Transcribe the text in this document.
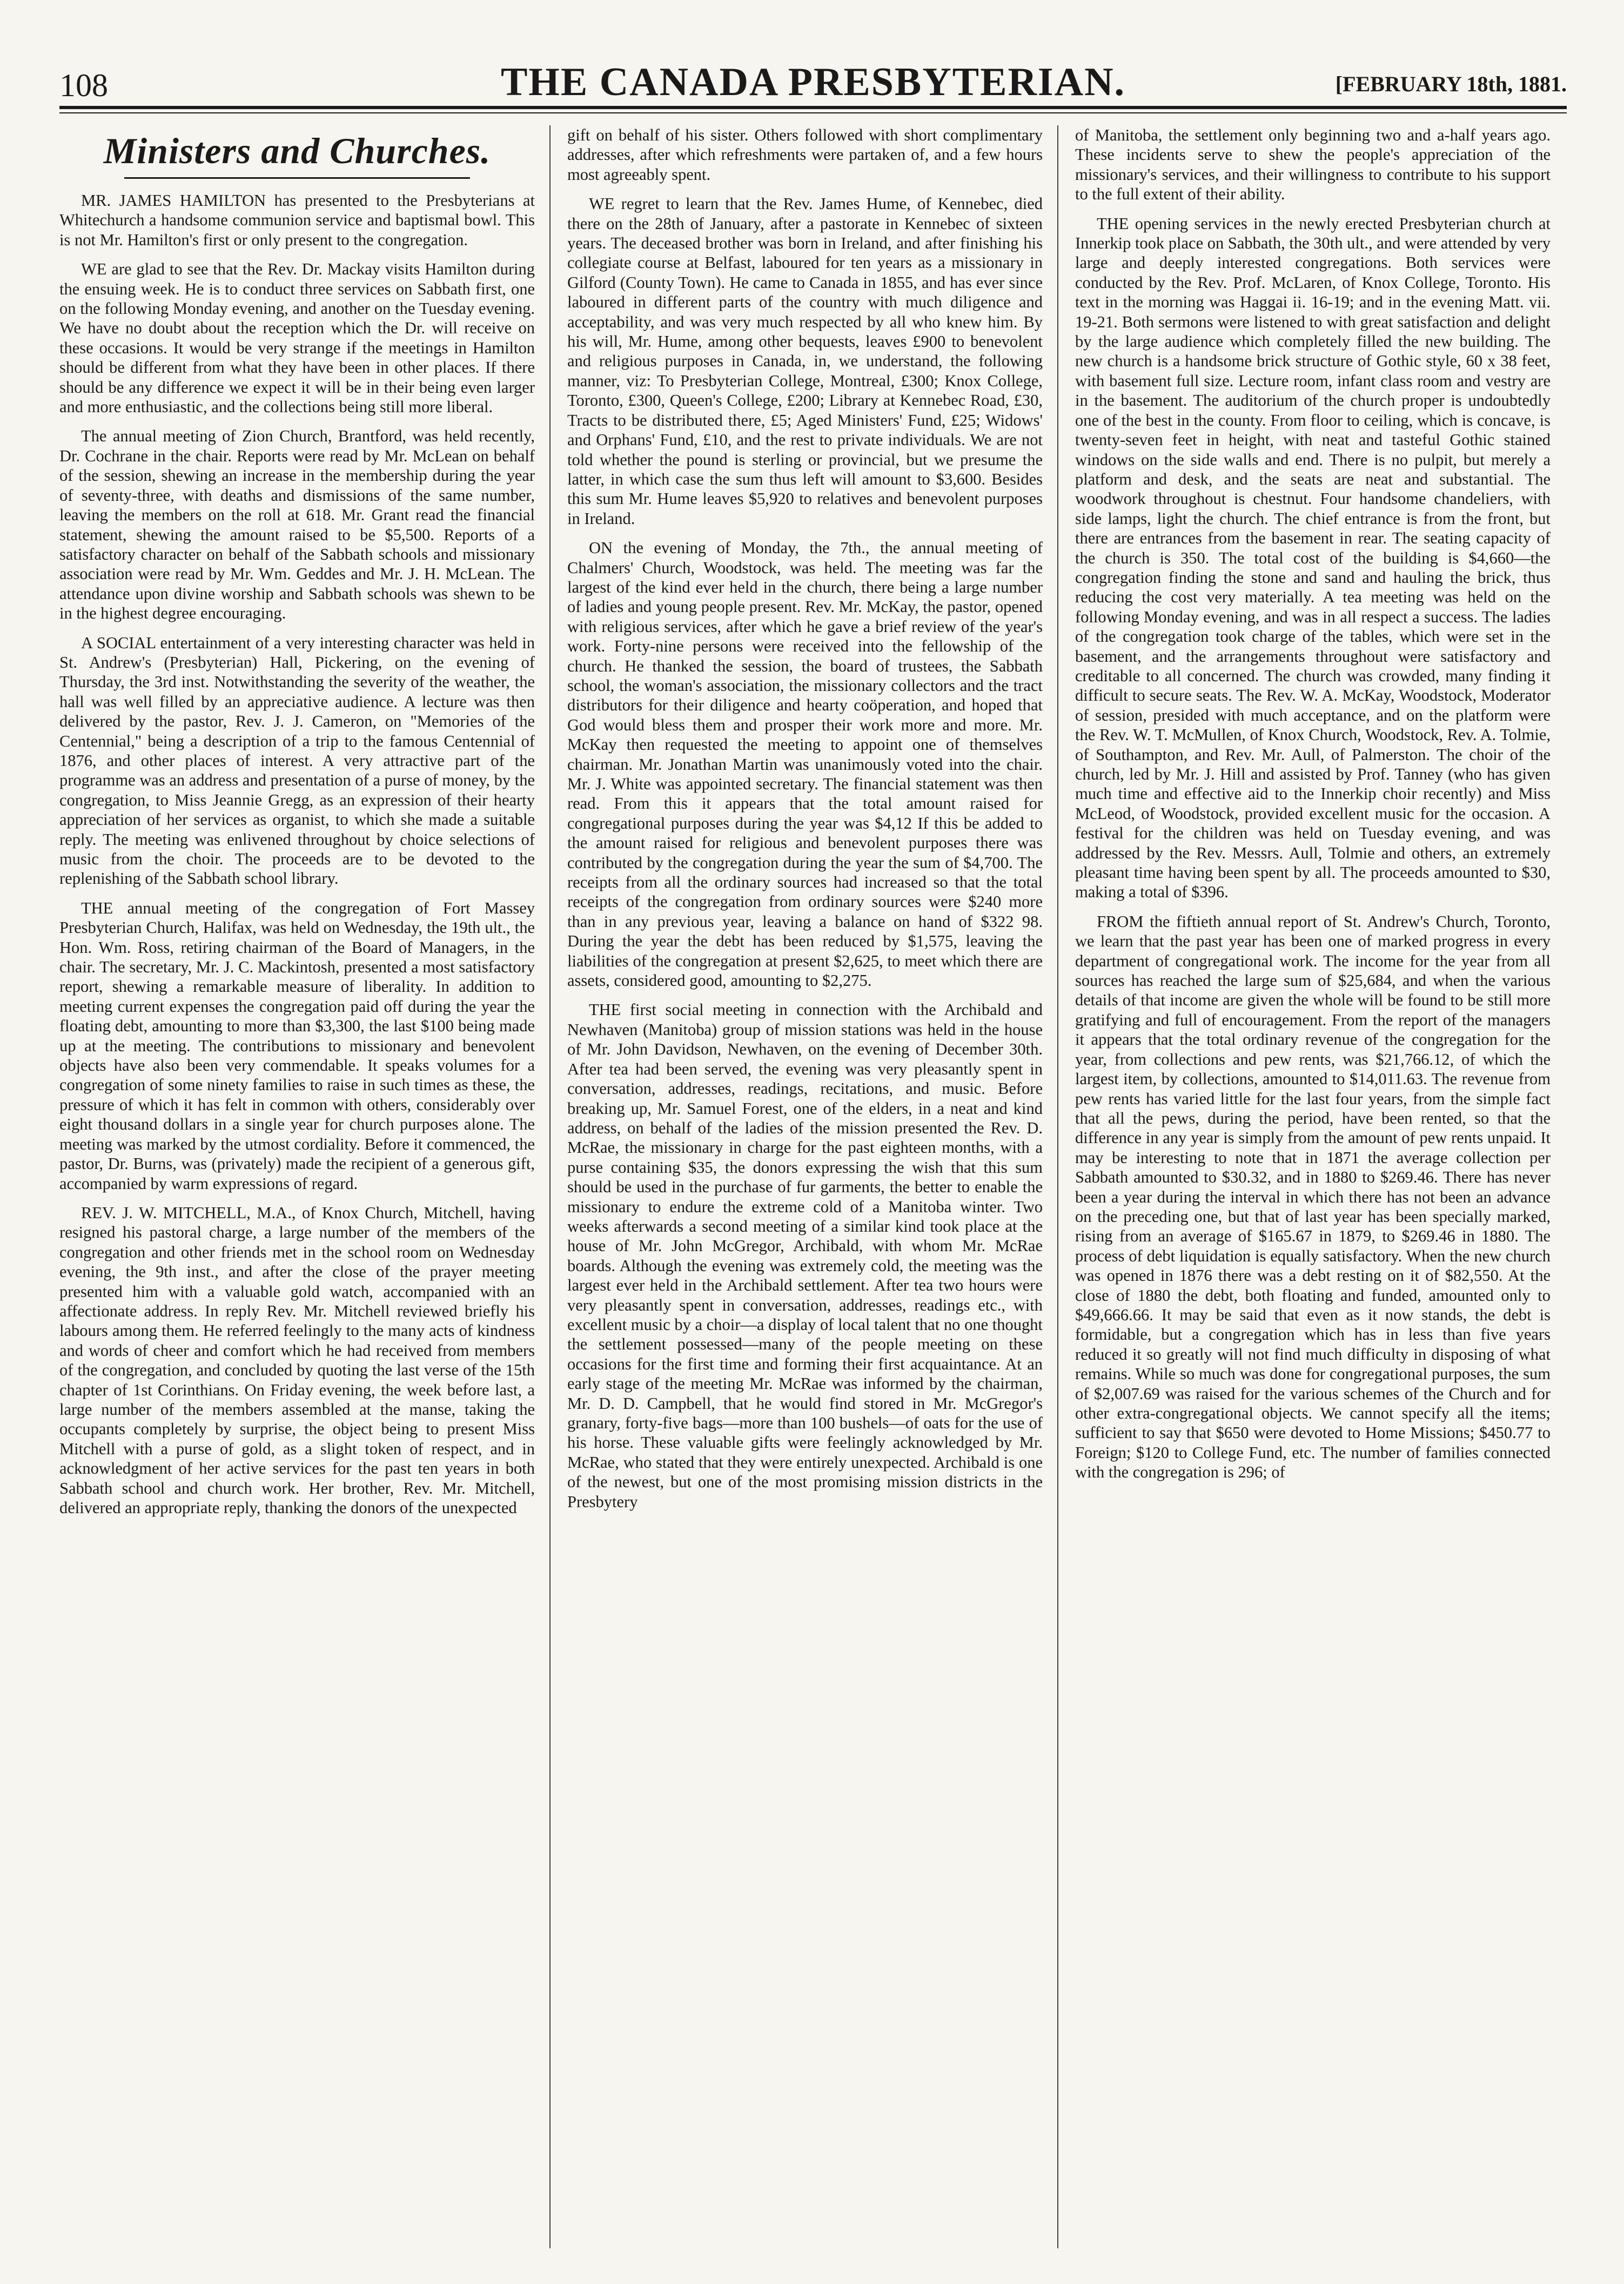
108	THE CANADA PRESBYTERIAN.	[FEBRUARY 18th, 1881.
Ministers and Churches.

MR. JAMES HAMILTON has presented to the Presbyterians at Whitechurch a handsome communion service and baptismal bowl. This is not Mr. Hamilton's first or only present to the congregation.

WE are glad to see that the Rev. Dr. Mackay visits Hamilton during the ensuing week. He is to conduct three services on Sabbath first, one on the following Monday evening, and another on the Tuesday evening. We have no doubt about the reception which the Dr. will receive on these occasions. It would be very strange if the meetings in Hamilton should be different from what they have been in other places. If there should be any difference we expect it will be in their being even larger and more enthusiastic, and the collections being still more liberal.

The annual meeting of Zion Church, Brantford, was held recently, Dr. Cochrane in the chair. Reports were read by Mr. McLean on behalf of the session, shewing an increase in the membership during the year of seventy-three, with deaths and dismissions of the same number, leaving the members on the roll at 618. Mr. Grant read the financial statement, shewing the amount raised to be $5,500. Reports of a satisfactory character on behalf of the Sabbath schools and missionary association were read by Mr. Wm. Geddes and Mr. J. H. McLean. The attendance upon divine worship and Sabbath schools was shewn to be in the highest degree encouraging.

A SOCIAL entertainment of a very interesting character was held in St. Andrew's (Presbyterian) Hall, Pickering, on the evening of Thursday, the 3rd inst. Notwithstanding the severity of the weather, the hall was well filled by an appreciative audience. A lecture was then delivered by the pastor, Rev. J. J. Cameron, on "Memories of the Centennial," being a description of a trip to the famous Centennial of 1876, and other places of interest. A very attractive part of the programme was an address and presentation of a purse of money, by the congregation, to Miss Jeannie Gregg, as an expression of their hearty appreciation of her services as organist, to which she made a suitable reply. The meeting was enlivened throughout by choice selections of music from the choir. The proceeds are to be devoted to the replenishing of the Sabbath school library.

THE annual meeting of the congregation of Fort Massey Presbyterian Church, Halifax, was held on Wednesday, the 19th ult., the Hon. Wm. Ross, retiring chairman of the Board of Managers, in the chair. The secretary, Mr. J. C. Mackintosh, presented a most satisfactory report, shewing a remarkable measure of liberality. In addition to meeting current expenses the congregation paid off during the year the floating debt, amounting to more than $3,300, the last $100 being made up at the meeting. The contributions to missionary and benevolent objects have also been very commendable. It speaks volumes for a congregation of some ninety families to raise in such times as these, the pressure of which it has felt in common with others, considerably over eight thousand dollars in a single year for church purposes alone. The meeting was marked by the utmost cordiality. Before it commenced, the pastor, Dr. Burns, was (privately) made the recipient of a generous gift, accompanied by warm expressions of regard.

REV. J. W. MITCHELL, M.A., of Knox Church, Mitchell, having resigned his pastoral charge, a large number of the members of the congregation and other friends met in the school room on Wednesday evening, the 9th inst., and after the close of the prayer meeting presented him with a valuable gold watch, accompanied with an affectionate address. In reply Rev. Mr. Mitchell reviewed briefly his labours among them. He referred feelingly to the many acts of kindness and words of cheer and comfort which he had received from members of the congregation, and concluded by quoting the last verse of the 15th chapter of 1st Corinthians. On Friday evening, the week before last, a large number of the members assembled at the manse, taking the occupants completely by surprise, the object being to present Miss Mitchell with a purse of gold, as a slight token of respect, and in acknowledgment of her active services for the past ten years in both Sabbath school and church work. Her brother, Rev. Mr. Mitchell, delivered an appropriate reply, thanking the donors of the unexpected

gift on behalf of his sister. Others followed with short complimentary addresses, after which refreshments were partaken of, and a few hours most agreeably spent.

WE regret to learn that the Rev. James Hume, of Kennebec, died there on the 28th of January, after a pastorate in Kennebec of sixteen years. The deceased brother was born in Ireland, and after finishing his collegiate course at Belfast, laboured for ten years as a missionary in Gilford (County Town). He came to Canada in 1855, and has ever since laboured in different parts of the country with much diligence and acceptability, and was very much respected by all who knew him. By his will, Mr. Hume, among other bequests, leaves £900 to benevolent and religious purposes in Canada, in, we understand, the following manner, viz: To Presbyterian College, Montreal, £300; Knox College, Toronto, £300, Queen's College, £200; Library at Kennebec Road, £30, Tracts to be distributed there, £5; Aged Ministers' Fund, £25; Widows' and Orphans' Fund, £10, and the rest to private individuals. We are not told whether the pound is sterling or provincial, but we presume the latter, in which case the sum thus left will amount to $3,600. Besides this sum Mr. Hume leaves $5,920 to relatives and benevolent purposes in Ireland.

ON the evening of Monday, the 7th., the annual meeting of Chalmers' Church, Woodstock, was held. The meeting was far the largest of the kind ever held in the church, there being a large number of ladies and young people present. Rev. Mr. McKay, the pastor, opened with religious services, after which he gave a brief review of the year's work. Forty-nine persons were received into the fellowship of the church. He thanked the session, the board of trustees, the Sabbath school, the woman's association, the missionary collectors and the tract distributors for their diligence and hearty coöperation, and hoped that God would bless them and prosper their work more and more. Mr. McKay then requested the meeting to appoint one of themselves chairman. Mr. Jonathan Martin was unanimously voted into the chair. Mr. J. White was appointed secretary. The financial statement was then read. From this it appears that the total amount raised for congregational purposes during the year was $4,12 If this be added to the amount raised for religious and benevolent purposes there was contributed by the congregation during the year the sum of $4,700. The receipts from all the ordinary sources had increased so that the total receipts of the congregation from ordinary sources were $240 more than in any previous year, leaving a balance on hand of $322 98. During the year the debt has been reduced by $1,575, leaving the liabilities of the congregation at present $2,625, to meet which there are assets, considered good, amounting to $2,275.

THE first social meeting in connection with the Archibald and Newhaven (Manitoba) group of mission stations was held in the house of Mr. John Davidson, Newhaven, on the evening of December 30th. After tea had been served, the evening was very pleasantly spent in conversation, addresses, readings, recitations, and music. Before breaking up, Mr. Samuel Forest, one of the elders, in a neat and kind address, on behalf of the ladies of the mission presented the Rev. D. McRae, the missionary in charge for the past eighteen months, with a purse containing $35, the donors expressing the wish that this sum should be used in the purchase of fur garments, the better to enable the missionary to endure the extreme cold of a Manitoba winter. Two weeks afterwards a second meeting of a similar kind took place at the house of Mr. John McGregor, Archibald, with whom Mr. McRae boards. Although the evening was extremely cold, the meeting was the largest ever held in the Archibald settlement. After tea two hours were very pleasantly spent in conversation, addresses, readings etc., with excellent music by a choir—a display of local talent that no one thought the settlement possessed—many of the people meeting on these occasions for the first time and forming their first acquaintance. At an early stage of the meeting Mr. McRae was informed by the chairman, Mr. D. D. Campbell, that he would find stored in Mr. McGregor's granary, forty-five bags—more than 100 bushels—of oats for the use of his horse. These valuable gifts were feelingly acknowledged by Mr. McRae, who stated that they were entirely unexpected. Archibald is one of the newest, but one of the most promising mission districts in the Presbytery

of Manitoba, the settlement only beginning two and a-half years ago. These incidents serve to shew the people's appreciation of the missionary's services, and their willingness to contribute to his support to the full extent of their ability.

THE opening services in the newly erected Presbyterian church at Innerkip took place on Sabbath, the 30th ult., and were attended by very large and deeply interested congregations. Both services were conducted by the Rev. Prof. McLaren, of Knox College, Toronto. His text in the morning was Haggai ii. 16-19; and in the evening Matt. vii. 19-21. Both sermons were listened to with great satisfaction and delight by the large audience which completely filled the new building. The new church is a handsome brick structure of Gothic style, 60 x 38 feet, with basement full size. Lecture room, infant class room and vestry are in the basement. The auditorium of the church proper is undoubtedly one of the best in the county. From floor to ceiling, which is concave, is twenty-seven feet in height, with neat and tasteful Gothic stained windows on the side walls and end. There is no pulpit, but merely a platform and desk, and the seats are neat and substantial. The woodwork throughout is chestnut. Four handsome chandeliers, with side lamps, light the church. The chief entrance is from the front, but there are entrances from the basement in rear. The seating capacity of the church is 350. The total cost of the building is $4,660—the congregation finding the stone and sand and hauling the brick, thus reducing the cost very materially. A tea meeting was held on the following Monday evening, and was in all respect a success. The ladies of the congregation took charge of the tables, which were set in the basement, and the arrangements throughout were satisfactory and creditable to all concerned. The church was crowded, many finding it difficult to secure seats. The Rev. W. A. McKay, Woodstock, Moderator of session, presided with much acceptance, and on the platform were the Rev. W. T. McMullen, of Knox Church, Woodstock, Rev. A. Tolmie, of Southampton, and Rev. Mr. Aull, of Palmerston. The choir of the church, led by Mr. J. Hill and assisted by Prof. Tanney (who has given much time and effective aid to the Innerkip choir recently) and Miss McLeod, of Woodstock, provided excellent music for the occasion. A festival for the children was held on Tuesday evening, and was addressed by the Rev. Messrs. Aull, Tolmie and others, an extremely pleasant time having been spent by all. The proceeds amounted to $30, making a total of $396.

FROM the fiftieth annual report of St. Andrew's Church, Toronto, we learn that the past year has been one of marked progress in every department of congregational work. The income for the year from all sources has reached the large sum of $25,684, and when the various details of that income are given the whole will be found to be still more gratifying and full of encouragement. From the report of the managers it appears that the total ordinary revenue of the congregation for the year, from collections and pew rents, was $21,766.12, of which the largest item, by collections, amounted to $14,011.63. The revenue from pew rents has varied little for the last four years, from the simple fact that all the pews, during the period, have been rented, so that the difference in any year is simply from the amount of pew rents unpaid. It may be interesting to note that in 1871 the average collection per Sabbath amounted to $30.32, and in 1880 to $269.46. There has never been a year during the interval in which there has not been an advance on the preceding one, but that of last year has been specially marked, rising from an average of $165.67 in 1879, to $269.46 in 1880. The process of debt liquidation is equally satisfactory. When the new church was opened in 1876 there was a debt resting on it of $82,550. At the close of 1880 the debt, both floating and funded, amounted only to $49,666.66. It may be said that even as it now stands, the debt is formidable, but a congregation which has in less than five years reduced it so greatly will not find much difficulty in disposing of what remains. While so much was done for congregational purposes, the sum of $2,007.69 was raised for the various schemes of the Church and for other extra-congregational objects. We cannot specify all the items; sufficient to say that $650 were devoted to Home Missions; $450.77 to Foreign; $120 to College Fund, etc. The number of families connected with the congregation is 296; of
